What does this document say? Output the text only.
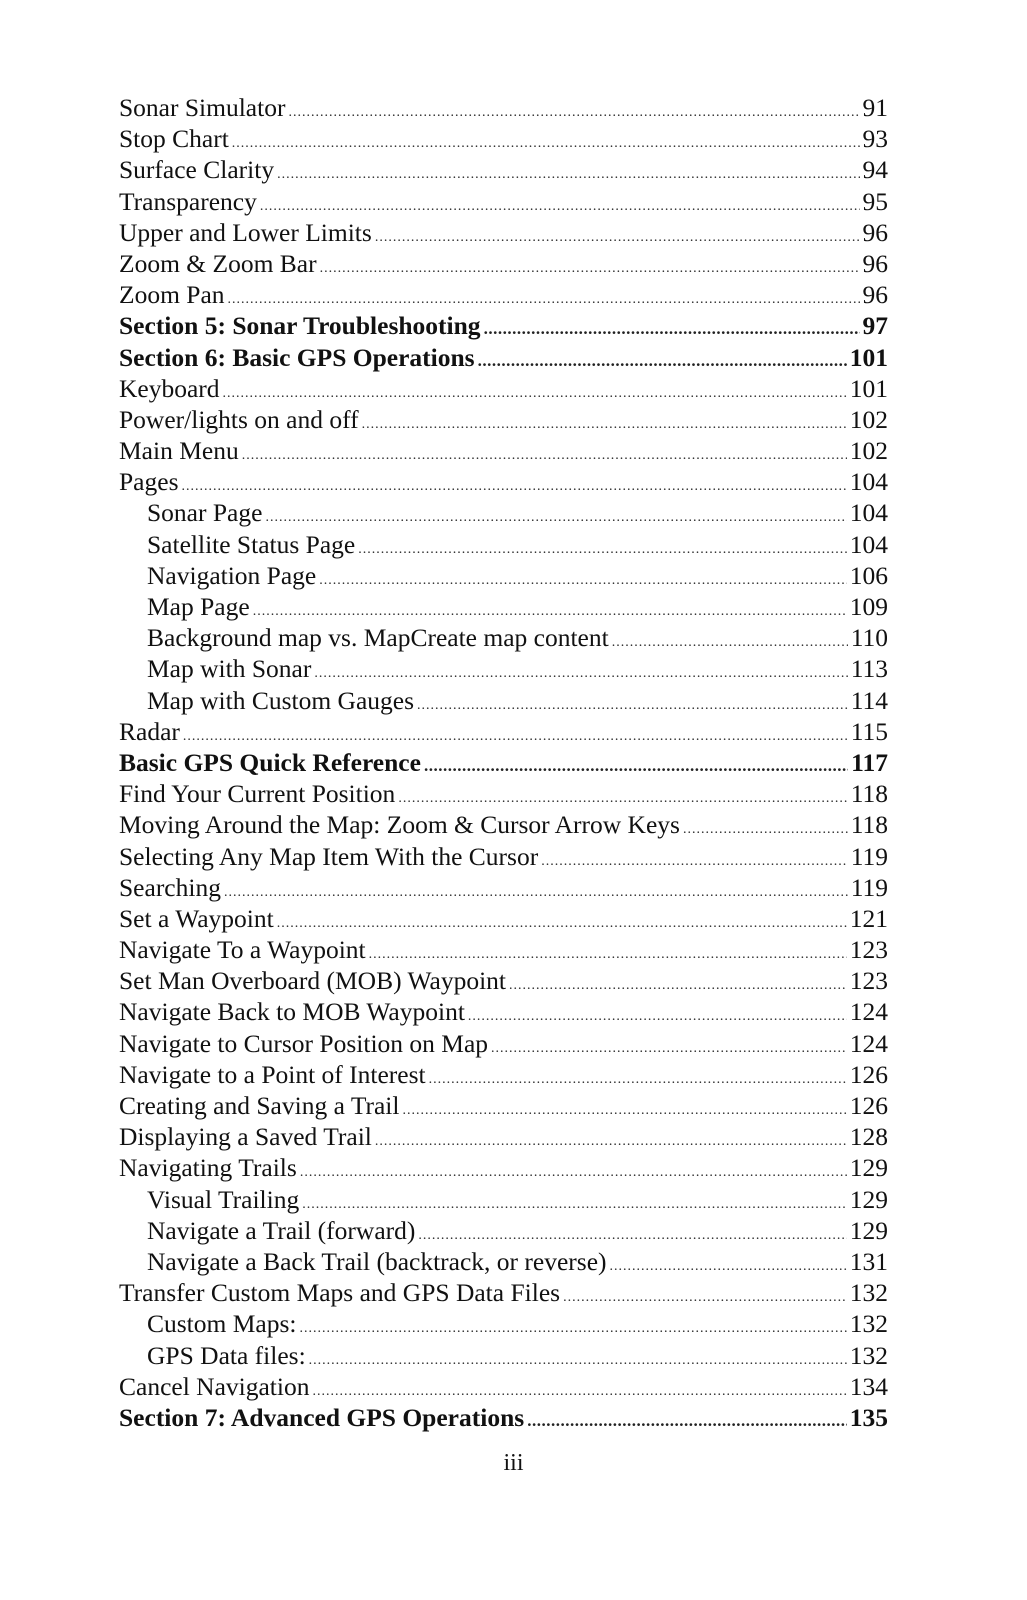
Sonar Simulator .....	91
Stop Chart .....	93
Surface Clarity .....	94
Transparency .....	95
Upper and Lower Limits .....	96
Zoom & Zoom Bar .....	96
Zoom Pan .....	96
Section 5: Sonar Troubleshooting .....	97
Section 6: Basic GPS Operations .....	101
Keyboard .....	101
Power/lights on and off .....	102
Main Menu .....	102
Pages .....	104
Sonar Page .....	104
Satellite Status Page .....	104
Navigation Page .....	106
Map Page .....	109
Background map vs. MapCreate map content .....	110
Map with Sonar .....	113
Map with Custom Gauges .....	114
Radar .....	115
Basic GPS Quick Reference .....	117
Find Your Current Position .....	118
Moving Around the Map: Zoom & Cursor Arrow Keys .....	118
Selecting Any Map Item With the Cursor .....	119
Searching .....	119
Set a Waypoint .....	121
Navigate To a Waypoint .....	123
Set Man Overboard (MOB) Waypoint .....	123
Navigate Back to MOB Waypoint .....	124
Navigate to Cursor Position on Map .....	124
Navigate to a Point of Interest .....	126
Creating and Saving a Trail .....	126
Displaying a Saved Trail .....	128
Navigating Trails .....	129
Visual Trailing .....	129
Navigate a Trail (forward) .....	129
Navigate a Back Trail (backtrack, or reverse) .....	131
Transfer Custom Maps and GPS Data Files .....	132
Custom Maps: .....	132
GPS Data files: .....	132
Cancel Navigation .....	134
Section 7: Advanced GPS Operations .....	135
iii
